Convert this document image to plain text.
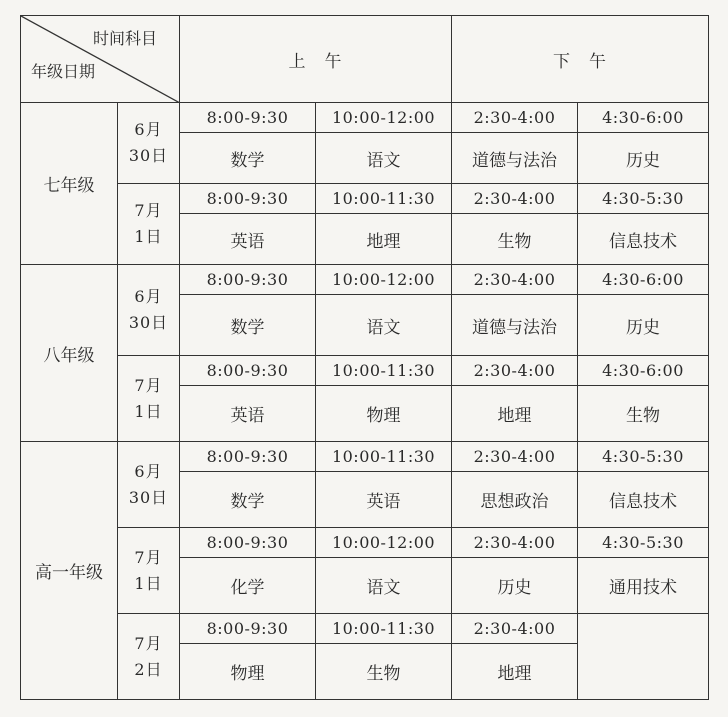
时间科目
年级日期		上　午		下　午	
七年级	6月
30日	8:00-9:30	10:00-12:00	2:30-4:00	4:30-6:00
		数学	语文	道德与法治	历史

	7月
1日	8:00-9:30	10:00-11:30	2:30-4:00	4:30-5:30
		英语	地理	生物	信息技术
八年级	6月
30日	8:00-9:30	10:00-12:00	2:30-4:00	4:30-6:00
		数学	语文	道德与法治	历史

	7月
1日	8:00-9:30	10:00-11:30	2:30-4:00	4:30-6:00
		英语	物理	地理	生物
高一年级	6月
30日	8:00-9:30	10:00-11:30	2:30-4:00	4:30-5:30
		数学	英语	思想政治	信息技术

	7月
1日	8:00-9:30	10:00-12:00	2:30-4:00	4:30-5:30
		化学	语文	历史	通用技术

	7月
2日	8:00-9:30	10:00-11:30	2:30-4:00	
		物理	生物	地理	
